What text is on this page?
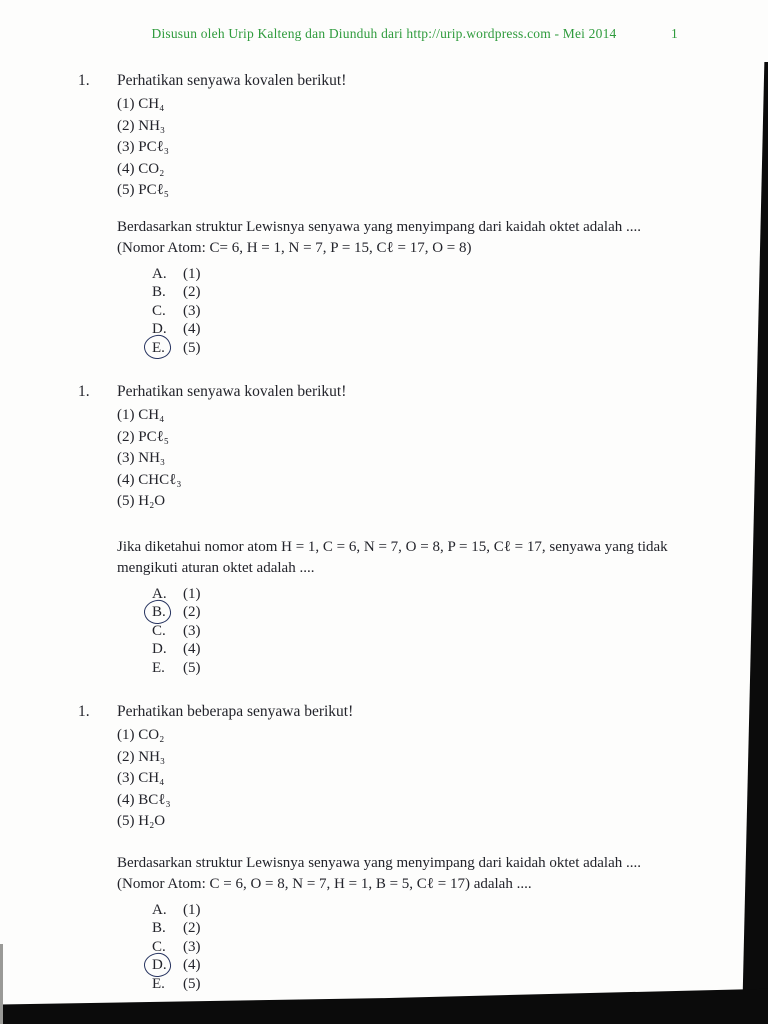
Disusun oleh Urip Kalteng dan Diunduh dari http://urip.wordpress.com - Mei 2014	1
1.	Perhatikan senyawa kovalen berikut!
(1) CH₄
(2) NH₃
(3) PCℓ₃
(4) CO₂
(5) PCℓ₅

Berdasarkan struktur Lewisnya senyawa yang menyimpang dari kaidah oktet adalah ....

(Nomor Atom: C= 6, H = 1, N = 7, P = 15, Cℓ = 17, O = 8)

A.	(1)
B.	(2)
C.	(3)
D.	(4)
E.	(5)
1.	Perhatikan senyawa kovalen berikut!
(1) CH₄
(2) PCℓ₅
(3) NH₃
(4) CHCℓ₃
(5) H₂O

Jika diketahui nomor atom H = 1, C = 6, N = 7, O = 8, P = 15, Cℓ = 17, senyawa yang tidak mengikuti aturan oktet adalah ....

A.	(1)
B.	(2)
C.	(3)
D.	(4)
E.	(5)
1.	Perhatikan beberapa senyawa berikut!
(1) CO₂
(2) NH₃
(3) CH₄
(4) BCℓ₃
(5) H₂O

Berdasarkan struktur Lewisnya senyawa yang menyimpang dari kaidah oktet adalah ....

(Nomor Atom: C = 6, O = 8, N = 7, H = 1, B = 5, Cℓ = 17) adalah ....

A.	(1)
B.	(2)
C.	(3)
D.	(4)
E.	(5)
